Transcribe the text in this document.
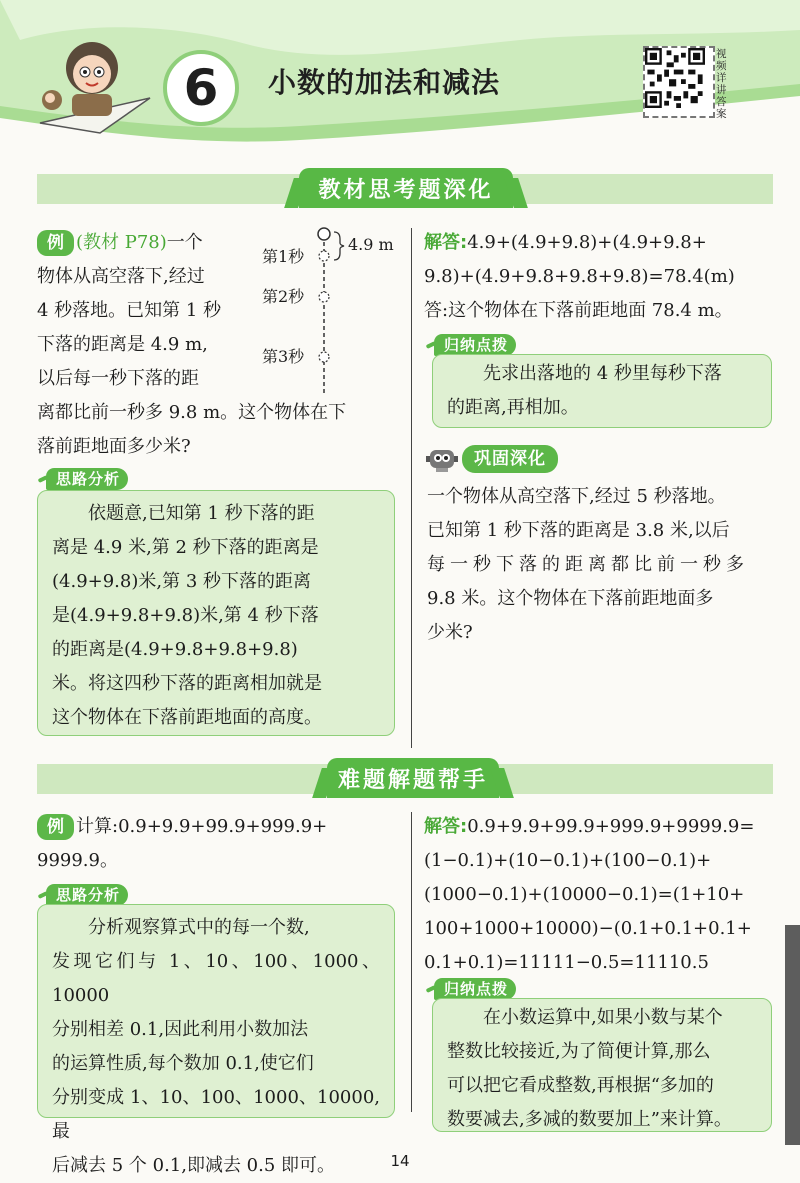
6	小数的加法和减法
视频详讲答案
教材思考题深化
例 (教材 P78)一个
物体从高空落下,经过
4 秒落地。已知第 1 秒
下落的距离是 4.9 m,
以后每一秒下落的距
离都比前一秒多 9.8 m。这个物体在下
落前距地面多少米?
4.9 m
第1秒
第2秒
第3秒
思路分析
依题意,已知第 1 秒下落的距
离是 4.9 米,第 2 秒下落的距离是
(4.9+9.8)米,第 3 秒下落的距离
是(4.9+9.8+9.8)米,第 4 秒下落
的距离是(4.9+9.8+9.8+9.8)
米。将这四秒下落的距离相加就是
这个物体在下落前距地面的高度。
解答:4.9+(4.9+9.8)+(4.9+9.8+
9.8)+(4.9+9.8+9.8+9.8)=78.4(m)
答:这个物体在下落前距地面 78.4 m。
归纳点拨
先求出落地的 4 秒里每秒下落
的距离,再相加。
巩固深化
一个物体从高空落下,经过 5 秒落地。
已知第 1 秒下落的距离是 3.8 米,以后
每一秒下落的距离都比前一秒多
9.8 米。这个物体在下落前距地面多
少米?
难题解题帮手
例 计算:0.9+9.9+99.9+999.9+
9999.9。
思路分析
分析观察算式中的每一个数,
发现它们与 1、10、100、1000、10000
分别相差 0.1,因此利用小数加法
的运算性质,每个数加 0.1,使它们
分别变成 1、10、100、1000、10000,最
后减去 5 个 0.1,即减去 0.5 即可。
解答:0.9+9.9+99.9+999.9+9999.9=
(1−0.1)+(10−0.1)+(100−0.1)+
(1000−0.1)+(10000−0.1)=(1+10+
100+1000+10000)−(0.1+0.1+0.1+
0.1+0.1)=11111−0.5=11110.5
归纳点拨
在小数运算中,如果小数与某个
整数比较接近,为了简便计算,那么
可以把它看成整数,再根据“多加的
数要减去,多减的数要加上”来计算。
14
